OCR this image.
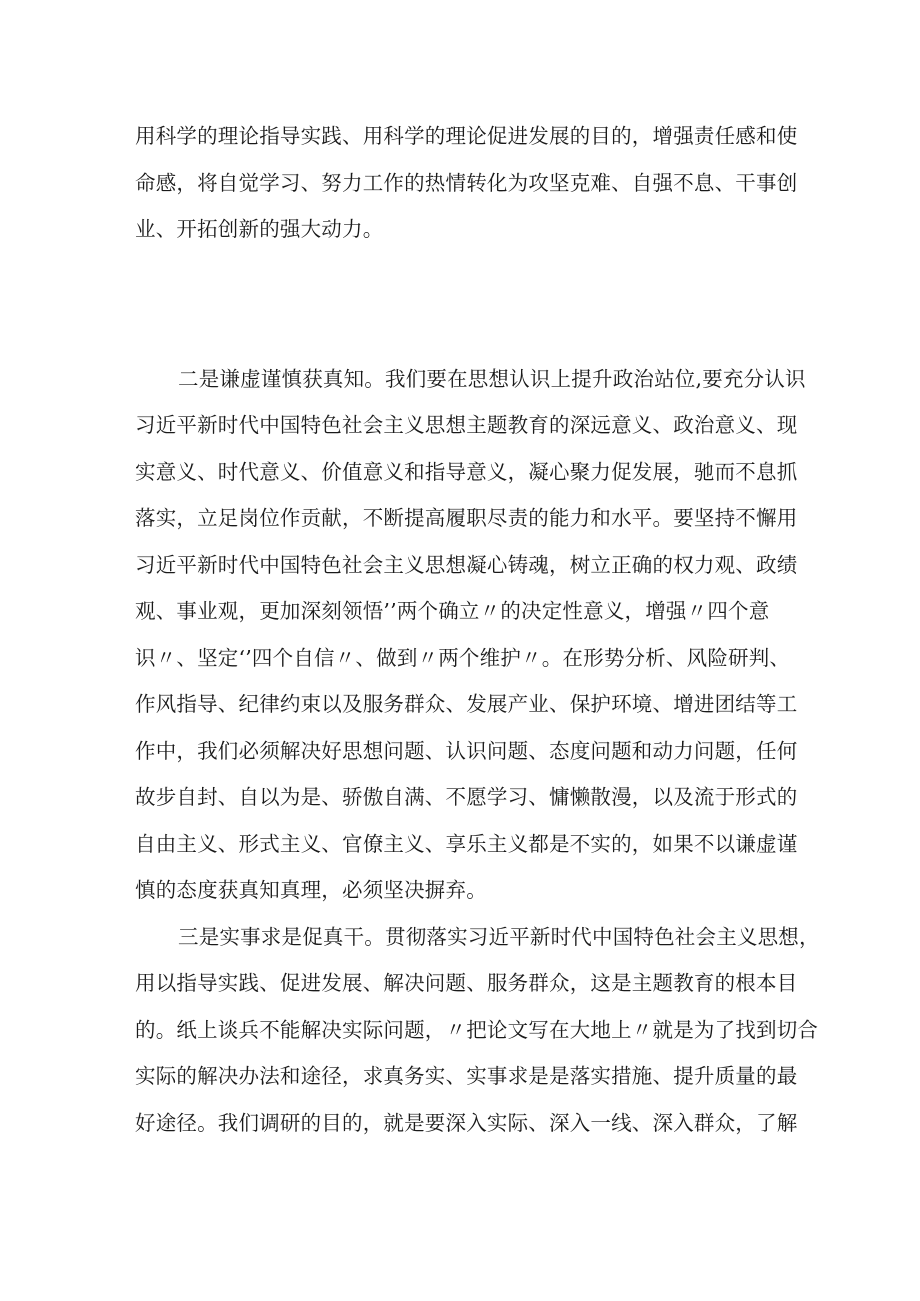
用科学的理论指导实践、用科学的理论促进发展的目的，增强责任感和使
命感，将自觉学习、努力工作的热情转化为攻坚克难、自强不息、干事创
业、开拓创新的强大动力。
二是谦虚谨慎获真知。我们要在思想认识上提升政治站位,要充分认识
习近平新时代中国特色社会主义思想主题教育的深远意义、政治意义、现
实意义、时代意义、价值意义和指导意义，凝心聚力促发展，驰而不息抓
落实，立足岗位作贡献，不断提高履职尽责的能力和水平。要坚持不懈用
习近平新时代中国特色社会主义思想凝心铸魂，树立正确的权力观、政绩
观、事业观，更加深刻领悟’’两个确立〃的决定性意义，增强〃四个意
识〃、坚定‘’四个自信〃、做到〃两个维护〃。在形势分析、风险研判、
作风指导、纪律约束以及服务群众、发展产业、保护环境、增进团结等工
作中，我们必须解决好思想问题、认识问题、态度问题和动力问题，任何
故步自封、自以为是、骄傲自满、不愿学习、慵懒散漫，以及流于形式的
自由主义、形式主义、官僚主义、享乐主义都是不实的，如果不以谦虚谨
慎的态度获真知真理，必须坚决摒弃。
三是实事求是促真干。贯彻落实习近平新时代中国特色社会主义思想，
用以指导实践、促进发展、解决问题、服务群众，这是主题教育的根本目
的。纸上谈兵不能解决实际问题，〃把论文写在大地上〃就是为了找到切合
实际的解决办法和途径，求真务实、实事求是是落实措施、提升质量的最
好途径。我们调研的目的，就是要深入实际、深入一线、深入群众，了解
